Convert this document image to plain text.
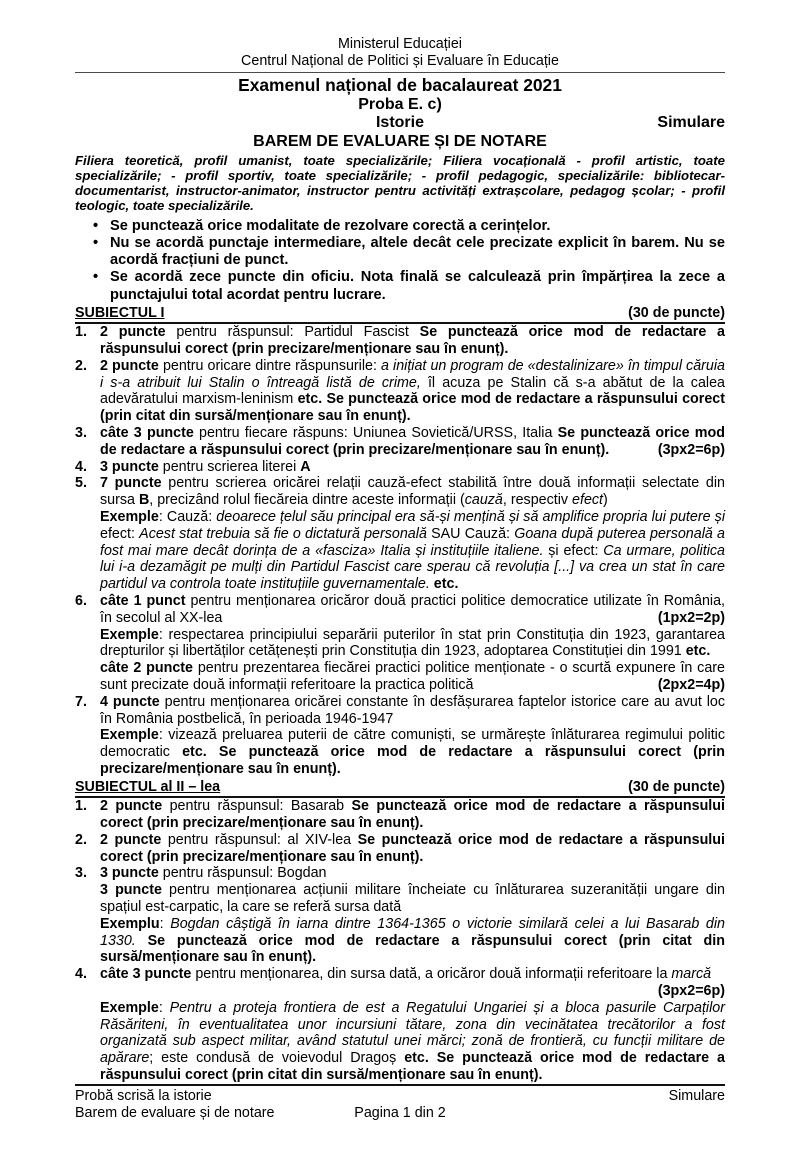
Ministerul Educației
Centrul Național de Politici și Evaluare în Educație
Examenul național de bacalaureat 2021
Proba E. c)
Istorie	Simulare
BAREM DE EVALUARE ȘI DE NOTARE

Filiera teoretică, profil umanist, toate specializările; Filiera vocațională - profil artistic, toate specializările; - profil sportiv, toate specializările; - profil pedagogic, specializările: bibliotecar-documentarist, instructor-animator, instructor pentru activități extrașcolare, pedagog școlar; - profil teologic, toate specializările.

• Se punctează orice modalitate de rezolvare corectă a cerințelor.
• Nu se acordă punctaje intermediare, altele decât cele precizate explicit în barem. Nu se acordă fracțiuni de punct.
• Se acordă zece puncte din oficiu. Nota finală se calculează prin împărțirea la zece a punctajului total acordat pentru lucrare.
SUBIECTUL I	(30 de puncte)
1. 2 puncte pentru răspunsul: Partidul Fascist Se punctează orice mod de redactare a răspunsului corect (prin precizare/menționare sau în enunț).

2. 2 puncte pentru oricare dintre răspunsurile: a inițiat un program de «destalinizare» în timpul căruia i s-a atribuit lui Stalin o întreagă listă de crime, îl acuza pe Stalin că s-a abătut de la calea adevăratului marxism-leninism etc. Se punctează orice mod de redactare a răspunsului corect (prin citat din sursă/menționare sau în enunț).

3. câte 3 puncte pentru fiecare răspuns: Uniunea Sovietică/URSS, Italia Se punctează orice mod de redactare a răspunsului corect (prin precizare/menționare sau în enunț).	(3px2=6p)

4. 3 puncte pentru scrierea literei A

5. 7 puncte pentru scrierea oricărei relații cauză-efect stabilită între două informații selectate din sursa B, precizând rolul fiecăreia dintre aceste informații (cauză, respectiv efect)

Exemple: Cauză: deoarece țelul său principal era să-și mențină și să amplifice propria lui putere și efect: Acest stat trebuia să fie o dictatură personală SAU Cauză: Goana după puterea personală a fost mai mare decât dorința de a «fasciza» Italia și instituțiile italiene. și efect: Ca urmare, politica lui i-a dezamăgit pe mulți din Partidul Fascist care sperau că revoluția [...] va crea un stat în care partidul va controla toate instituțiile guvernamentale. etc.

6. câte 1 punct pentru menționarea oricăror două practici politice democratice utilizate în România, în secolul al XX-lea	(1px2=2p)

Exemple: respectarea principiului separării puterilor în stat prin Constituția din 1923, garantarea drepturilor și libertăților cetățenești prin Constituția din 1923, adoptarea Constituției din 1991 etc.

câte 2 puncte pentru prezentarea fiecărei practici politice menționate - o scurtă expunere în care sunt precizate două informații referitoare la practica politică	(2px2=4p)

7. 4 puncte pentru menționarea oricărei constante în desfășurarea faptelor istorice care au avut loc în România postbelică, în perioada 1946-1947

Exemple: vizează preluarea puterii de către comuniști, se urmărește înlăturarea regimului politic democratic etc. Se punctează orice mod de redactare a răspunsului corect (prin precizare/menționare sau în enunț).

SUBIECTUL al II – lea	(30 de puncte)
1. 2 puncte pentru răspunsul: Basarab Se punctează orice mod de redactare a răspunsului corect (prin precizare/menționare sau în enunț).

2. 2 puncte pentru răspunsul: al XIV-lea Se punctează orice mod de redactare a răspunsului corect (prin precizare/menționare sau în enunț).

3. 3 puncte pentru răspunsul: Bogdan

3 puncte pentru menționarea acțiunii militare încheiate cu înlăturarea suzeranității ungare din spațiul est-carpatic, la care se referă sursa dată

Exemplu: Bogdan câștigă în iarna dintre 1364-1365 o victorie similară celei a lui Basarab din 1330. Se punctează orice mod de redactare a răspunsului corect (prin citat din sursă/menționare sau în enunț).

4. câte 3 puncte pentru menționarea, din sursa dată, a oricăror două informații referitoare la marcă

(3px2=6p)

Exemple: Pentru a proteja frontiera de est a Regatului Ungariei și a bloca pasurile Carpaților Răsăriteni, în eventualitatea unor incursiuni tătare, zona din vecinătatea trecătorilor a fost organizată sub aspect militar, având statutul unei mărci; zonă de frontieră, cu funcții militare de apărare; este condusă de voievodul Dragoș etc. Se punctează orice mod de redactare a răspunsului corect (prin citat din sursă/menționare sau în enunț).

Probă scrisă la istorie	Simulare
Barem de evaluare și de notare	Pagina 1 din 2
